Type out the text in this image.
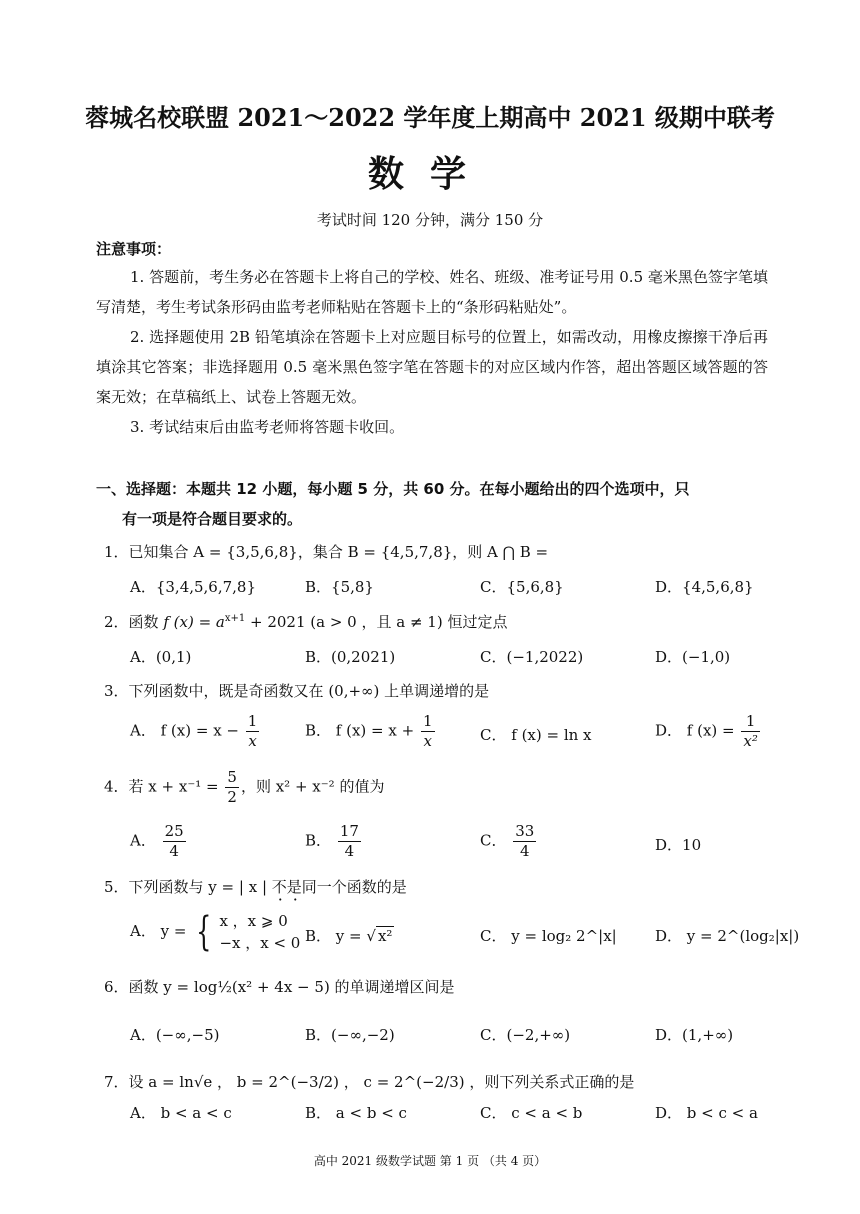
蓉城名校联盟 2021～2022 学年度上期高中 2021 级期中联考
数学
考试时间 120 分钟，满分 150 分
注意事项：
1. 答题前，考生务必在答题卡上将自己的学校、姓名、班级、准考证号用 0.5 毫米黑色签字笔填写清楚，考生考试条形码由监考老师粘贴在答题卡上的“条形码粘贴处”。
2. 选择题使用 2B 铅笔填涂在答题卡上对应题目标号的位置上，如需改动，用橡皮擦擦干净后再填涂其它答案；非选择题用 0.5 毫米黑色签字笔在答题卡的对应区域内作答，超出答题区域答题的答案无效；在草稿纸上、试卷上答题无效。
3. 考试结束后由监考老师将答题卡收回。
一、选择题：本题共 12 小题，每小题 5 分，共 60 分。在每小题给出的四个选项中，只
有一项是符合题目要求的。
1．已知集合 A = {3,5,6,8}，集合 B = {4,5,7,8}，则 A ⋂ B =
A．{3,4,5,6,7,8}	B．{5,8}	C．{5,6,8}	D．{4,5,6,8}
2．函数 f $(x) = a^{x+1} + 2021$ (a > 0 ，且 a ≠ 1) 恒过定点
A．(0,1)	B．(0,2021)	C．(−1,2022)	D．(−1,0)
3．下列函数中，既是奇函数又在 (0,+∞) 上单调递增的是
A． f $(x) = x - \frac{1}{x}$	B． f $(x) = x + \frac{1}{x}$	C． f (x) = ln x	D． f $(x) = \frac{1}{\text{x²}}$
4．若 $x + x^{-1} = \frac{5}{2}$ ，则 x² + x⁻² 的值为
A． $\frac{25}{4}$	B． $\frac{17}{4}$	C． $\frac{33}{4}$	D．10
5．下列函数与 y = | x | 不是同一个函数的是
A． y = { x ，x ⩾ 0
−x ，x < 0 B． y = √ x²	C． y = log₂ 2^|x|	D． y = 2^(log₂|x|)
6．函数 y = log½(x² + 4x − 5) 的单调递增区间是
A．(−∞,−5)	B．(−∞,−2)	C．(−2,+∞)	D．(1,+∞)
7．设 a = ln√e ， b = 2^(−3/2) ， c = 2^(−2/3) ，则下列关系式正确的是
A． b < a < c	B． a < b < c	C． c < a < b	D． b < c < a
高中 2021 级数学试题 第 1 页 （共 4 页）
